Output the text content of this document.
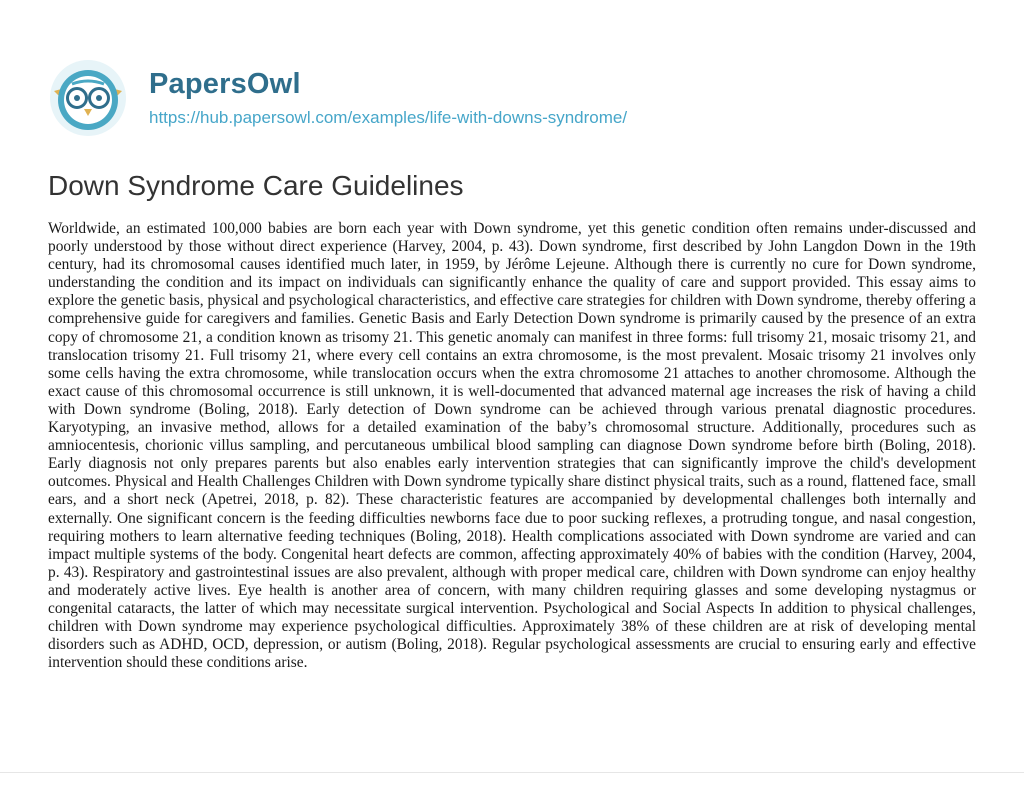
PapersOwl
https://hub.papersowl.com/examples/life-with-downs-syndrome/
Down Syndrome Care Guidelines

Worldwide, an estimated 100,000 babies are born each year with Down syndrome, yet this genetic condition often remains under-discussed and poorly understood by those without direct experience (Harvey, 2004, p. 43). Down syndrome, first described by John Langdon Down in the 19th century, had its chromosomal causes identified much later, in 1959, by Jérôme Lejeune. Although there is currently no cure for Down syndrome, understanding the condition and its impact on individuals can significantly enhance the quality of care and support provided. This essay aims to explore the genetic basis, physical and psychological characteristics, and effective care strategies for children with Down syndrome, thereby offering a comprehensive guide for caregivers and families. Genetic Basis and Early Detection Down syndrome is primarily caused by the presence of an extra copy of chromosome 21, a condition known as trisomy 21. This genetic anomaly can manifest in three forms: full trisomy 21, mosaic trisomy 21, and translocation trisomy 21. Full trisomy 21, where every cell contains an extra chromosome, is the most prevalent. Mosaic trisomy 21 involves only some cells having the extra chromosome, while translocation occurs when the extra chromosome 21 attaches to another chromosome. Although the exact cause of this chromosomal occurrence is still unknown, it is well-documented that advanced maternal age increases the risk of having a child with Down syndrome (Boling, 2018). Early detection of Down syndrome can be achieved through various prenatal diagnostic procedures. Karyotyping, an invasive method, allows for a detailed examination of the baby’s chromosomal structure. Additionally, procedures such as amniocentesis, chorionic villus sampling, and percutaneous umbilical blood sampling can diagnose Down syndrome before birth (Boling, 2018). Early diagnosis not only prepares parents but also enables early intervention strategies that can significantly improve the child's development outcomes. Physical and Health Challenges Children with Down syndrome typically share distinct physical traits, such as a round, flattened face, small ears, and a short neck (Apetrei, 2018, p. 82). These characteristic features are accompanied by developmental challenges both internally and externally. One significant concern is the feeding difficulties newborns face due to poor sucking reflexes, a protruding tongue, and nasal congestion, requiring mothers to learn alternative feeding techniques (Boling, 2018). Health complications associated with Down syndrome are varied and can impact multiple systems of the body. Congenital heart defects are common, affecting approximately 40% of babies with the condition (Harvey, 2004, p. 43). Respiratory and gastrointestinal issues are also prevalent, although with proper medical care, children with Down syndrome can enjoy healthy and moderately active lives. Eye health is another area of concern, with many children requiring glasses and some developing nystagmus or congenital cataracts, the latter of which may necessitate surgical intervention. Psychological and Social Aspects In addition to physical challenges, children with Down syndrome may experience psychological difficulties. Approximately 38% of these children are at risk of developing mental disorders such as ADHD, OCD, depression, or autism (Boling, 2018). Regular psychological assessments are crucial to ensuring early and effective intervention should these conditions arise.
